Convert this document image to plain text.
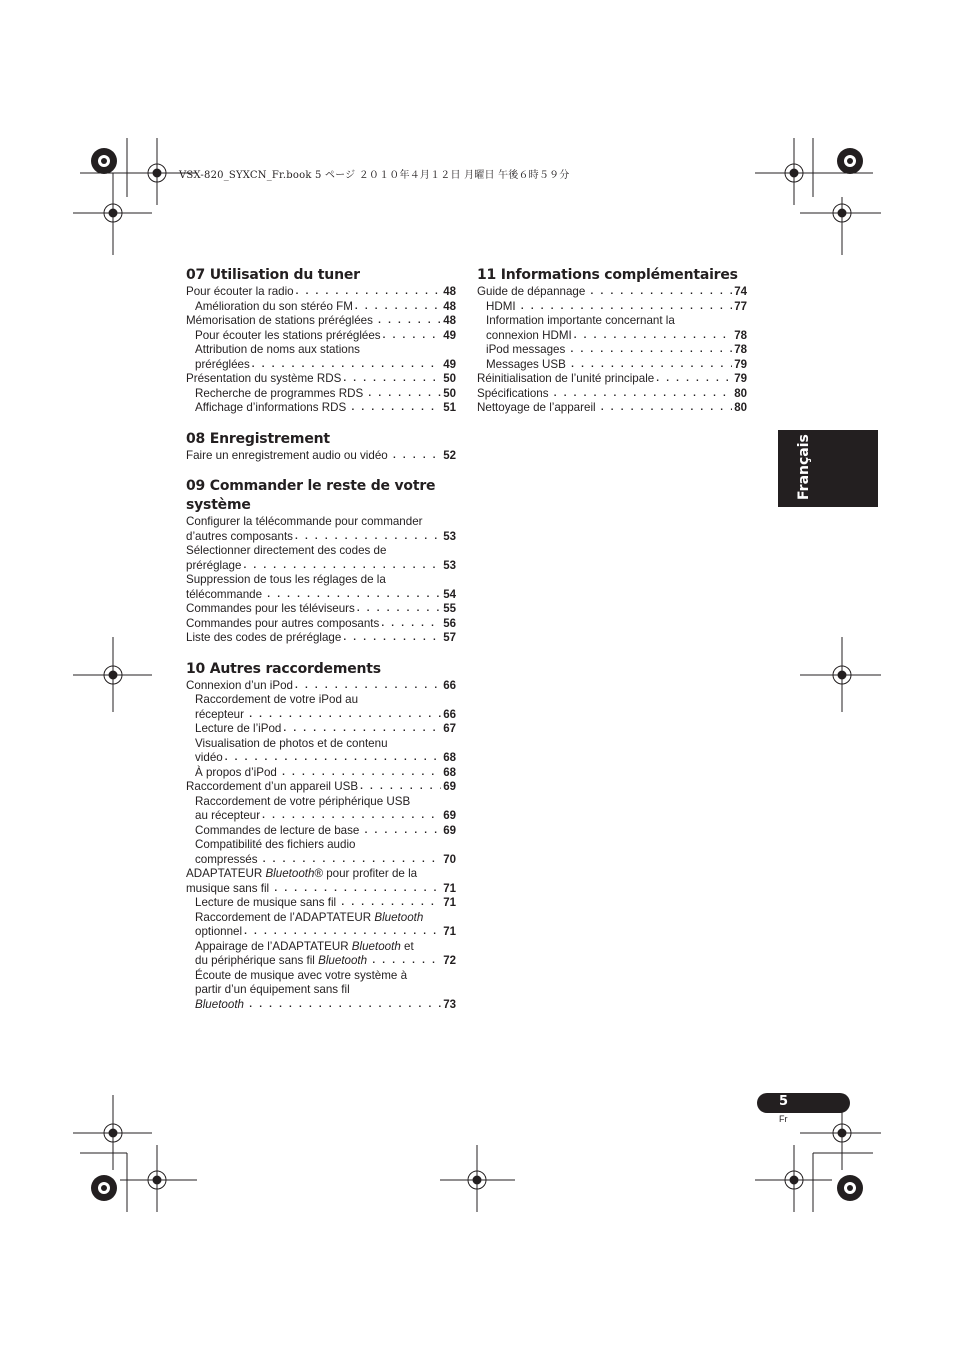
VSX-820_SYXCN_Fr.book 5 ページ ２０１０年４月１２日 月曜日 午後６時５９分
07 Utilisation du tuner
Pour écouter la radio . . .	48
Amélioration du son stéréo FM . . .	48
Mémorisation de stations préréglées . . .	48
Pour écouter les stations préréglées . . .	49
Attribution de noms aux stations
préréglées . . .	49
Présentation du système RDS . . .	50
Recherche de programmes RDS . . .	50
Affichage d’informations RDS . . .	51
08 Enregistrement
Faire un enregistrement audio ou vidéo . . .	52
09 Commander le reste de votre système
Configurer la télécommande pour commander
d’autres composants . . .	53
Sélectionner directement des codes de
préréglage . . .	53
Suppression de tous les réglages de la
télécommande . . .	54
Commandes pour les téléviseurs . . .	55
Commandes pour autres composants . . .	56
Liste des codes de préréglage . . .	57
10 Autres raccordements
Connexion d’un iPod . . .	66
Raccordement de votre iPod au
récepteur . . .	66
Lecture de l’iPod . . .	67
Visualisation de photos et de contenu
vidéo . . .	68
À propos d’iPod . . .	68
Raccordement d’un appareil USB . . .	69
Raccordement de votre périphérique USB
au récepteur . . .	69
Commandes de lecture de base . . .	69
Compatibilité des fichiers audio
compressés . . .	70
ADAPTATEUR Bluetooth® pour profiter de la
musique sans fil . . .	71
Lecture de musique sans fil . . .	71
Raccordement de l’ADAPTATEUR Bluetooth
optionnel . . .	71
Appairage de l’ADAPTATEUR Bluetooth et
du périphérique sans fil Bluetooth . . .	72
Écoute de musique avec votre système à
partir d’un équipement sans fil
Bluetooth . . .	73
11 Informations complémentaires
Guide de dépannage . . .	74
HDMI . . .	77
Information importante concernant la
connexion HDMI . . .	78
iPod messages . . .	78
Messages USB . . .	79
Réinitialisation de l’unité principale . . .	79
Spécifications . . .	80
Nettoyage de l’appareil . . .	80
Français
5
Fr
